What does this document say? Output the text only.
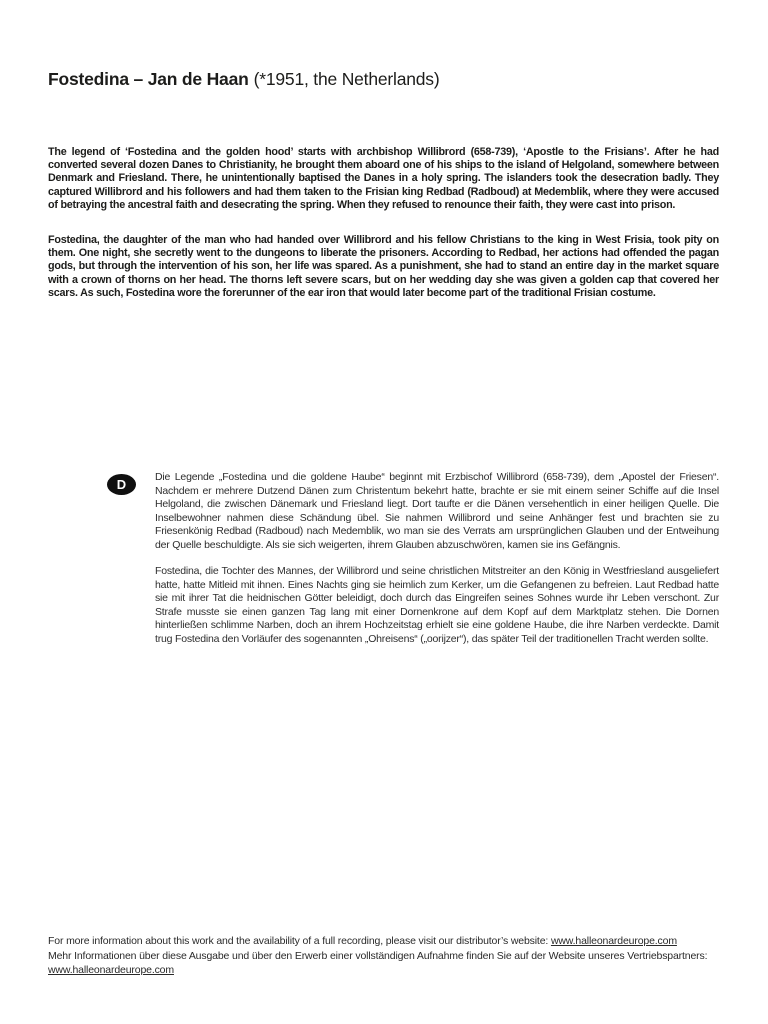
Fostedina – Jan de Haan (*1951, the Netherlands)

The legend of ‘Fostedina and the golden hood’ starts with archbishop Willibrord (658-739), ‘Apostle to the Frisians’. After he had converted several dozen Danes to Christianity, he brought them aboard one of his ships to the island of Helgoland, somewhere between Denmark and Friesland. There, he unintentionally baptised the Danes in a holy spring. The islanders took the desecration badly. They captured Willibrord and his followers and had them taken to the Frisian king Redbad (Radboud) at Medemblik, where they were accused of betraying the ancestral faith and desecrating the spring. When they refused to renounce their faith, they were cast into prison.

Fostedina, the daughter of the man who had handed over Willibrord and his fellow Christians to the king in West Frisia, took pity on them. One night, she secretly went to the dungeons to liberate the prisoners. According to Redbad, her actions had offended the pagan gods, but through the intervention of his son, her life was spared. As a punishment, she had to stand an entire day in the market square with a crown of thorns on her head. The thorns left severe scars, but on her wedding day she was given a golden cap that covered her scars. As such, Fostedina wore the forerunner of the ear iron that would later become part of the traditional Frisian costume.

D	Die Legende „Fostedina und die goldene Haube“ beginnt mit Erzbischof Willibrord (658-739), dem „Apostel der Friesen“. Nachdem er mehrere Dutzend Dänen zum Christentum bekehrt hatte, brachte er sie mit einem seiner Schiffe auf die Insel Helgoland, die zwischen Dänemark und Friesland liegt. Dort taufte er die Dänen versehentlich in einer heiligen Quelle. Die Inselbewohner nahmen diese Schändung übel. Sie nahmen Willibrord und seine Anhänger fest und brachten sie zu Friesenkönig Redbad (Radboud) nach Medemblik, wo man sie des Verrats am ursprünglichen Glauben und der Entweihung der Quelle beschuldigte. Als sie sich weigerten, ihrem Glauben abzuschwören, kamen sie ins Gefängnis.

Fostedina, die Tochter des Mannes, der Willibrord und seine christlichen Mitstreiter an den König in Westfriesland ausgeliefert hatte, hatte Mitleid mit ihnen. Eines Nachts ging sie heimlich zum Kerker, um die Gefangenen zu befreien. Laut Redbad hatte sie mit ihrer Tat die heidnischen Götter beleidigt, doch durch das Eingreifen seines Sohnes wurde ihr Leben verschont. Zur Strafe musste sie einen ganzen Tag lang mit einer Dornenkrone auf dem Kopf auf dem Marktplatz stehen. Die Dornen hinterließen schlimme Narben, doch an ihrem Hochzeitstag erhielt sie eine goldene Haube, die ihre Narben verdeckte. Damit trug Fostedina den Vorläufer des sogenannten „Ohreisens“ („oorijzer“), das später Teil der traditionellen Tracht werden sollte.

For more information about this work and the availability of a full recording, please visit our distributor’s website: www.halleonardeurope.com

Mehr Informationen über diese Ausgabe und über den Erwerb einer vollständigen Aufnahme finden Sie auf der Website unseres Vertriebspartners:

www.halleonardeurope.com
